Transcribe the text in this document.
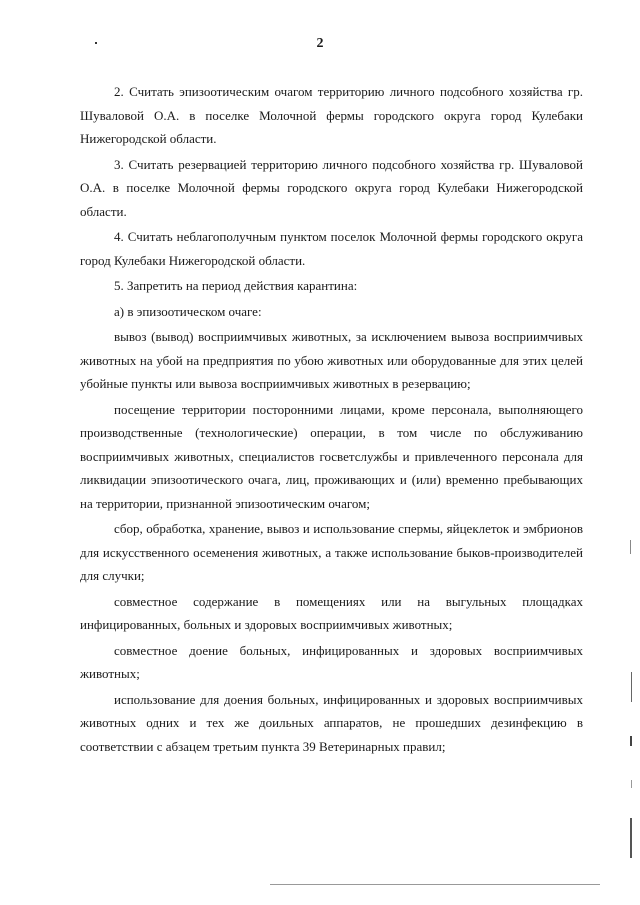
2

2. Считать эпизоотическим очагом территорию личного подсобного хозяйства гр. Шуваловой О.А. в поселке Молочной фермы городского округа город Кулебаки Нижегородской области.

3. Считать резервацией территорию личного подсобного хозяйства гр. Шуваловой О.А. в поселке Молочной фермы городского округа город Кулебаки Нижегородской области.

4. Считать неблагополучным пунктом поселок Молочной фермы городского округа город Кулебаки Нижегородской области.

5. Запретить на период действия карантина:

а) в эпизоотическом очаге:

вывоз (вывод) восприимчивых животных, за исключением вывоза восприимчивых животных на убой на предприятия по убою животных или оборудованные для этих целей убойные пункты или вывоза восприимчивых животных в резервацию;

посещение территории посторонними лицами, кроме персонала, выполняющего производственные (технологические) операции, в том числе по обслуживанию восприимчивых животных, специалистов госветслужбы и привлеченного персонала для ликвидации эпизоотического очага, лиц, проживающих и (или) временно пребывающих на территории, признанной эпизоотическим очагом;

сбор, обработка, хранение, вывоз и использование спермы, яйцеклеток и эмбрионов для искусственного осеменения животных, а также использование быков-производителей для случки;

совместное содержание в помещениях или на выгульных площадках инфицированных, больных и здоровых восприимчивых животных;

совместное доение больных, инфицированных и здоровых восприимчивых животных;

использование для доения больных, инфицированных и здоровых восприимчивых животных одних и тех же доильных аппаратов, не прошедших дезинфекцию в соответствии с абзацем третьим пункта 39 Ветеринарных правил;
